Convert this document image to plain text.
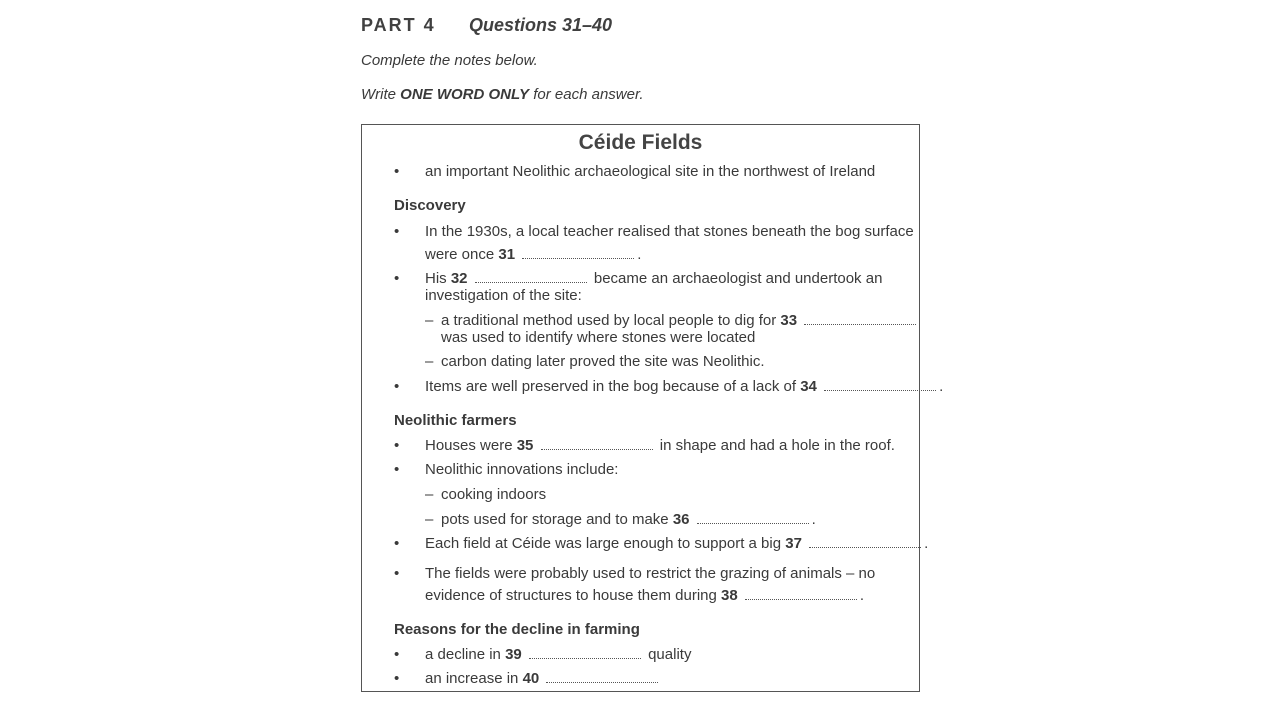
PART 4 Questions 31–40
Complete the notes below.
Write ONE WORD ONLY for each answer.
Céide Fields
• an important Neolithic archaeological site in the northwest of Ireland
Discovery
• In the 1930s, a local teacher realised that stones beneath the bog surface
were once 31	.
• His 32	became an archaeologist and undertook an
investigation of the site:
– a traditional method used by local people to dig for 33
was used to identify where stones were located
– carbon dating later proved the site was Neolithic.
• Items are well preserved in the bog because of a lack of 34	.
Neolithic farmers
• Houses were 35	in shape and had a hole in the roof.
• Neolithic innovations include:
– cooking indoors
– pots used for storage and to make 36	.
• Each field at Céide was large enough to support a big 37	.
• The fields were probably used to restrict the grazing of animals – no
evidence of structures to house them during 38	.
Reasons for the decline in farming
• a decline in 39	quality
• an increase in 40
